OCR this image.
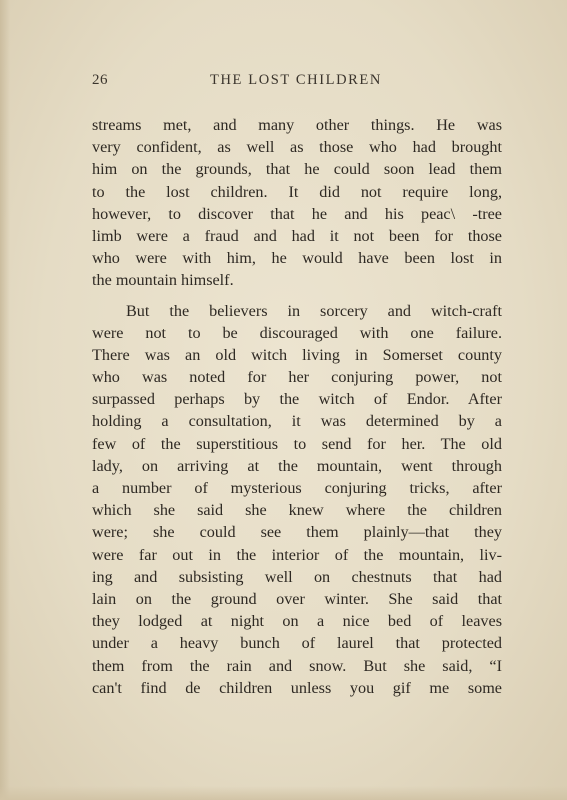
26	THE LOST CHILDREN
streams met, and many other things. He was
very confident, as well as those who had brought
him on the grounds, that he could soon lead them
to the lost children. It did not require long,
however, to discover that he and his peac\ -tree
limb were a fraud and had it not been for those
who were with him, he would have been lost in
the mountain himself.
But the believers in sorcery and witch-craft
were not to be discouraged with one failure.
There was an old witch living in Somerset county
who was noted for her conjuring power, not
surpassed perhaps by the witch of Endor. After
holding a consultation, it was determined by a
few of the superstitious to send for her. The old
lady, on arriving at the mountain, went through
a number of mysterious conjuring tricks, after
which she said she knew where the children
were; she could see them plainly—that they
were far out in the interior of the mountain, liv-
ing and subsisting well on chestnuts that had
lain on the ground over winter. She said that
they lodged at night on a nice bed of leaves
under a heavy bunch of laurel that protected
them from the rain and snow. But she said, “I
can't find de children unless you gif me some
